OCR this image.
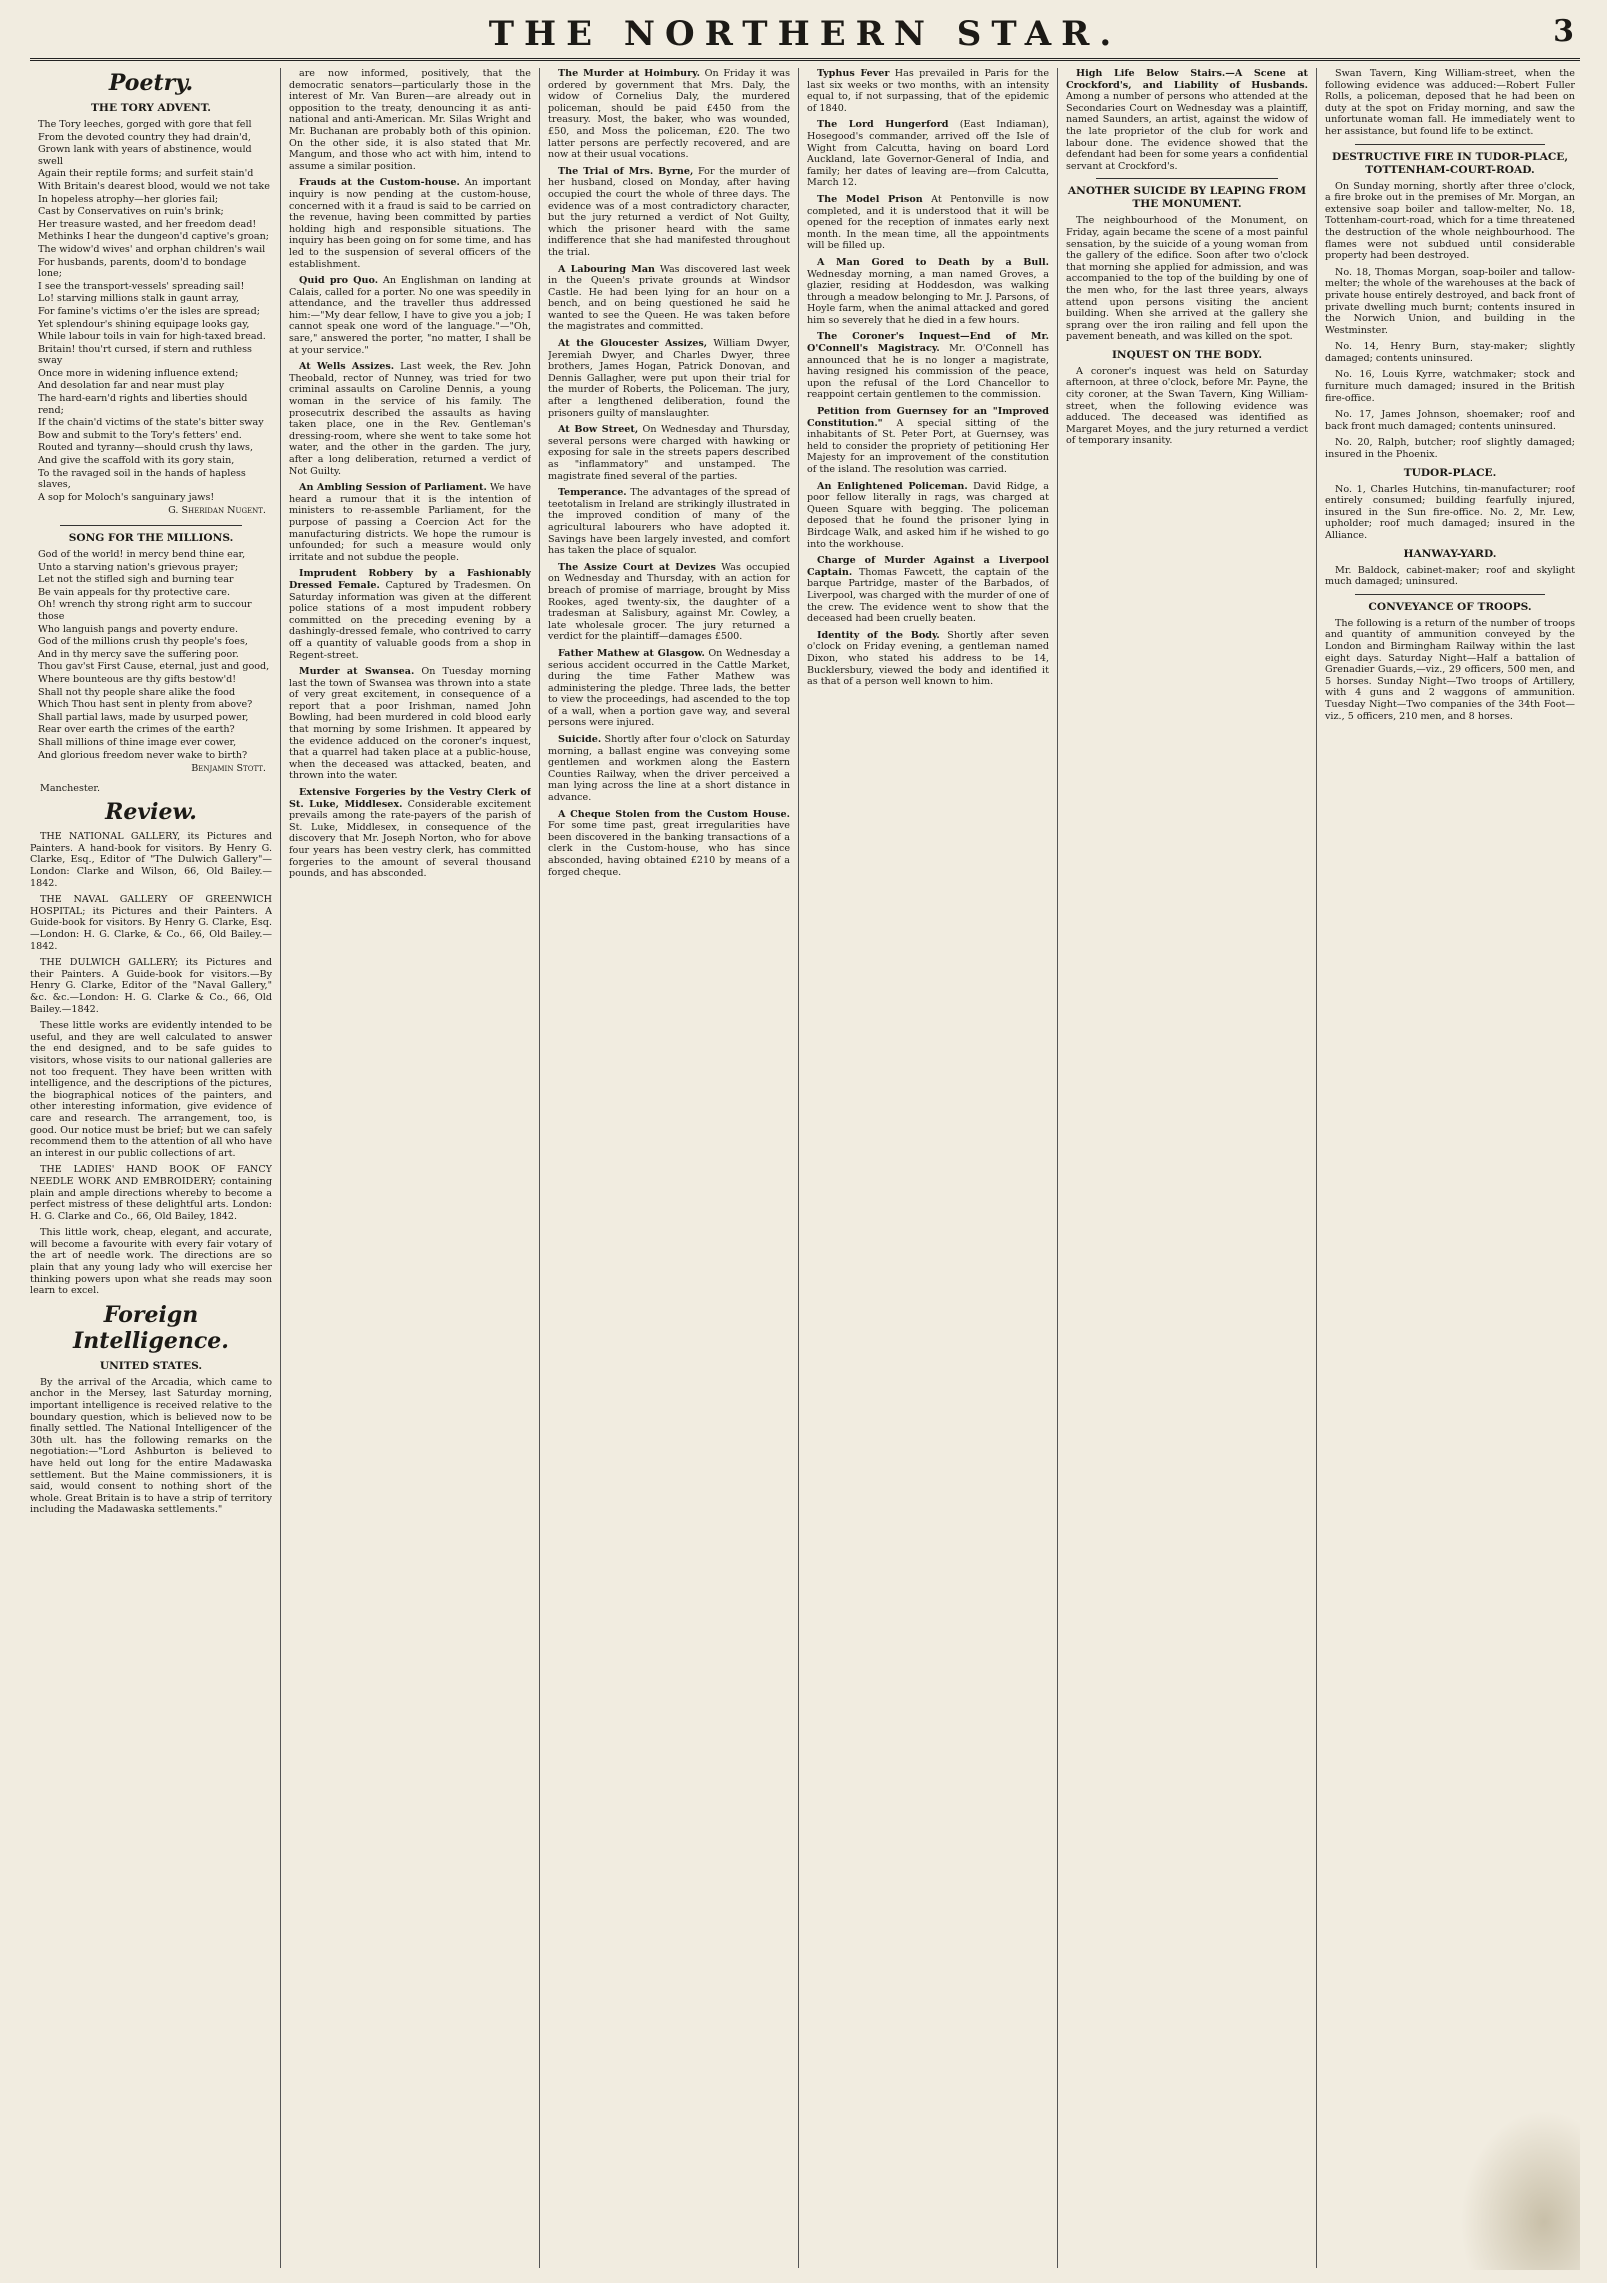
THE NORTHERN STAR.	3
Poetry.
THE TORY ADVENT.

The Tory leeches, gorged with gore that fell

From the devoted country they had drain'd,

Grown lank with years of abstinence, would swell

Again their reptile forms; and surfeit stain'd

With Britain's dearest blood, would we not take

In hopeless atrophy—her glories fail;

Cast by Conservatives on ruin's brink;

Her treasure wasted, and her freedom dead!

Methinks I hear the dungeon'd captive's groan;

The widow'd wives' and orphan children's wail

For husbands, parents, doom'd to bondage lone;

I see the transport-vessels' spreading sail!

Lo! starving millions stalk in gaunt array,

For famine's victims o'er the isles are spread;

Yet splendour's shining equipage looks gay,

While labour toils in vain for high-taxed bread.

Britain! thou'rt cursed, if stern and ruthless sway

Once more in widening influence extend;

And desolation far and near must play

The hard-earn'd rights and liberties should rend;

If the chain'd victims of the state's bitter sway

Bow and submit to the Tory's fetters' end.

Routed and tyranny—should crush thy laws,

And give the scaffold with its gory stain,

To the ravaged soil in the hands of hapless slaves,

A sop for Moloch's sanguinary jaws!

G. Sheridan Nugent.
SONG FOR THE MILLIONS.

God of the world! in mercy bend thine ear,

Unto a starving nation's grievous prayer;

Let not the stifled sigh and burning tear

Be vain appeals for thy protective care.

Oh! wrench thy strong right arm to succour those

Who languish pangs and poverty endure.

God of the millions crush thy people's foes,

And in thy mercy save the suffering poor.

Thou gav'st First Cause, eternal, just and good,

Where bounteous are thy gifts bestow'd!

Shall not thy people share alike the food

Which Thou hast sent in plenty from above?

Shall partial laws, made by usurped power,

Rear over earth the crimes of the earth?

Shall millions of thine image ever cower,

And glorious freedom never wake to birth?

Benjamin Stott.

Manchester.

Review.

THE NATIONAL GALLERY, its Pictures and Painters. A hand-book for visitors. By Henry G. Clarke, Esq., Editor of "The Dulwich Gallery"—London: Clarke and Wilson, 66, Old Bailey.—1842.

THE NAVAL GALLERY OF GREENWICH HOSPITAL; its Pictures and their Painters. A Guide-book for visitors. By Henry G. Clarke, Esq.—London: H. G. Clarke, & Co., 66, Old Bailey.—1842.

THE DULWICH GALLERY; its Pictures and their Painters. A Guide-book for visitors.—By Henry G. Clarke, Editor of the "Naval Gallery," &c. &c.—London: H. G. Clarke & Co., 66, Old Bailey.—1842.

These little works are evidently intended to be useful, and they are well calculated to answer the end designed, and to be safe guides to visitors, whose visits to our national galleries are not too frequent. They have been written with intelligence, and the descriptions of the pictures, the biographical notices of the painters, and other interesting information, give evidence of care and research. The arrangement, too, is good. Our notice must be brief; but we can safely recommend them to the attention of all who have an interest in our public collections of art.

THE LADIES' HAND BOOK OF FANCY NEEDLE WORK AND EMBROIDERY; containing plain and ample directions whereby to become a perfect mistress of these delightful arts. London: H. G. Clarke and Co., 66, Old Bailey, 1842.

This little work, cheap, elegant, and accurate, will become a favourite with every fair votary of the art of needle work. The directions are so plain that any young lady who will exercise her thinking powers upon what she reads may soon learn to excel.

Foreign Intelligence.
UNITED STATES.

By the arrival of the Arcadia, which came to anchor in the Mersey, last Saturday morning, important intelligence is received relative to the boundary question, which is believed now to be finally settled. The National Intelligencer of the 30th ult. has the following remarks on the negotiation:—"Lord Ashburton is believed to have held out long for the entire Madawaska settlement. But the Maine commissioners, it is said, would consent to nothing short of the whole. Great Britain is to have a strip of territory including the Madawaska settlements."

are now informed, positively, that the democratic senators—particularly those in the interest of Mr. Van Buren—are already out in opposition to the treaty, denouncing it as anti-national and anti-American. Mr. Silas Wright and Mr. Buchanan are probably both of this opinion. On the other side, it is also stated that Mr. Mangum, and those who act with him, intend to assume a similar position.

Frauds at the Custom-house. An important inquiry is now pending at the custom-house, concerned with it a fraud is said to be carried on the revenue, having been committed by parties holding high and responsible situations. The inquiry has been going on for some time, and has led to the suspension of several officers of the establishment.

Quid pro Quo. An Englishman on landing at Calais, called for a porter. No one was speedily in attendance, and the traveller thus addressed him:—"My dear fellow, I have to give you a job; I cannot speak one word of the language."—"Oh, sare," answered the porter, "no matter, I shall be at your service."

At Wells Assizes. Last week, the Rev. John Theobald, rector of Nunney, was tried for two criminal assaults on Caroline Dennis, a young woman in the service of his family. The prosecutrix described the assaults as having taken place, one in the Rev. Gentleman's dressing-room, where she went to take some hot water, and the other in the garden. The jury, after a long deliberation, returned a verdict of Not Guilty.

An Ambling Session of Parliament. We have heard a rumour that it is the intention of ministers to re-assemble Parliament, for the purpose of passing a Coercion Act for the manufacturing districts. We hope the rumour is unfounded; for such a measure would only irritate and not subdue the people.

Imprudent Robbery by a Fashionably Dressed Female. Captured by Tradesmen. On Saturday information was given at the different police stations of a most impudent robbery committed on the preceding evening by a dashingly-dressed female, who contrived to carry off a quantity of valuable goods from a shop in Regent-street.

Murder at Swansea. On Tuesday morning last the town of Swansea was thrown into a state of very great excitement, in consequence of a report that a poor Irishman, named John Bowling, had been murdered in cold blood early that morning by some Irishmen. It appeared by the evidence adduced on the coroner's inquest, that a quarrel had taken place at a public-house, when the deceased was attacked, beaten, and thrown into the water.

Extensive Forgeries by the Vestry Clerk of St. Luke, Middlesex. Considerable excitement prevails among the rate-payers of the parish of St. Luke, Middlesex, in consequence of the discovery that Mr. Joseph Norton, who for above four years has been vestry clerk, has committed forgeries to the amount of several thousand pounds, and has absconded.

The Murder at Hoimbury. On Friday it was ordered by government that Mrs. Daly, the widow of Cornelius Daly, the murdered policeman, should be paid £450 from the treasury. Most, the baker, who was wounded, £50, and Moss the policeman, £20. The two latter persons are perfectly recovered, and are now at their usual vocations.

The Trial of Mrs. Byrne, For the murder of her husband, closed on Monday, after having occupied the court the whole of three days. The evidence was of a most contradictory character, but the jury returned a verdict of Not Guilty, which the prisoner heard with the same indifference that she had manifested throughout the trial.

A Labouring Man Was discovered last week in the Queen's private grounds at Windsor Castle. He had been lying for an hour on a bench, and on being questioned he said he wanted to see the Queen. He was taken before the magistrates and committed.

At the Gloucester Assizes, William Dwyer, Jeremiah Dwyer, and Charles Dwyer, three brothers, James Hogan, Patrick Donovan, and Dennis Gallagher, were put upon their trial for the murder of Roberts, the Policeman. The jury, after a lengthened deliberation, found the prisoners guilty of manslaughter.

At Bow Street, On Wednesday and Thursday, several persons were charged with hawking or exposing for sale in the streets papers described as "inflammatory" and unstamped. The magistrate fined several of the parties.

Temperance. The advantages of the spread of teetotalism in Ireland are strikingly illustrated in the improved condition of many of the agricultural labourers who have adopted it. Savings have been largely invested, and comfort has taken the place of squalor.

The Assize Court at Devizes Was occupied on Wednesday and Thursday, with an action for breach of promise of marriage, brought by Miss Rookes, aged twenty-six, the daughter of a tradesman at Salisbury, against Mr. Cowley, a late wholesale grocer. The jury returned a verdict for the plaintiff—damages £500.

Father Mathew at Glasgow. On Wednesday a serious accident occurred in the Cattle Market, during the time Father Mathew was administering the pledge. Three lads, the better to view the proceedings, had ascended to the top of a wall, when a portion gave way, and several persons were injured.

Suicide. Shortly after four o'clock on Saturday morning, a ballast engine was conveying some gentlemen and workmen along the Eastern Counties Railway, when the driver perceived a man lying across the line at a short distance in advance.

A Cheque Stolen from the Custom House. For some time past, great irregularities have been discovered in the banking transactions of a clerk in the Custom-house, who has since absconded, having obtained £210 by means of a forged cheque.

Typhus Fever Has prevailed in Paris for the last six weeks or two months, with an intensity equal to, if not surpassing, that of the epidemic of 1840.

The Lord Hungerford (East Indiaman), Hosegood's commander, arrived off the Isle of Wight from Calcutta, having on board Lord Auckland, late Governor-General of India, and family; her dates of leaving are—from Calcutta, March 12.

The Model Prison At Pentonville is now completed, and it is understood that it will be opened for the reception of inmates early next month. In the mean time, all the appointments will be filled up.

A Man Gored to Death by a Bull. Wednesday morning, a man named Groves, a glazier, residing at Hoddesdon, was walking through a meadow belonging to Mr. J. Parsons, of Hoyle farm, when the animal attacked and gored him so severely that he died in a few hours.

The Coroner's Inquest—End of Mr. O'Connell's Magistracy. Mr. O'Connell has announced that he is no longer a magistrate, having resigned his commission of the peace, upon the refusal of the Lord Chancellor to reappoint certain gentlemen to the commission.

Petition from Guernsey for an "Improved Constitution." A special sitting of the inhabitants of St. Peter Port, at Guernsey, was held to consider the propriety of petitioning Her Majesty for an improvement of the constitution of the island. The resolution was carried.

An Enlightened Policeman. David Ridge, a poor fellow literally in rags, was charged at Queen Square with begging. The policeman deposed that he found the prisoner lying in Birdcage Walk, and asked him if he wished to go into the workhouse.

Charge of Murder Against a Liverpool Captain. Thomas Fawcett, the captain of the barque Partridge, master of the Barbados, of Liverpool, was charged with the murder of one of the crew. The evidence went to show that the deceased had been cruelly beaten.

Identity of the Body. Shortly after seven o'clock on Friday evening, a gentleman named Dixon, who stated his address to be 14, Bucklersbury, viewed the body and identified it as that of a person well known to him.

High Life Below Stairs.—A Scene at Crockford's, and Liability of Husbands. Among a number of persons who attended at the Secondaries Court on Wednesday was a plaintiff, named Saunders, an artist, against the widow of the late proprietor of the club for work and labour done. The evidence showed that the defendant had been for some years a confidential servant at Crockford's.

ANOTHER SUICIDE BY LEAPING FROM THE MONUMENT.

The neighbourhood of the Monument, on Friday, again became the scene of a most painful sensation, by the suicide of a young woman from the gallery of the edifice. Soon after two o'clock that morning she applied for admission, and was accompanied to the top of the building by one of the men who, for the last three years, always attend upon persons visiting the ancient building. When she arrived at the gallery she sprang over the iron railing and fell upon the pavement beneath, and was killed on the spot.

INQUEST ON THE BODY.

A coroner's inquest was held on Saturday afternoon, at three o'clock, before Mr. Payne, the city coroner, at the Swan Tavern, King William-street, when the following evidence was adduced. The deceased was identified as Margaret Moyes, and the jury returned a verdict of temporary insanity.

Swan Tavern, King William-street, when the following evidence was adduced:—Robert Fuller Rolls, a policeman, deposed that he had been on duty at the spot on Friday morning, and saw the unfortunate woman fall. He immediately went to her assistance, but found life to be extinct.

DESTRUCTIVE FIRE IN TUDOR-PLACE, TOTTENHAM-COURT-ROAD.

On Sunday morning, shortly after three o'clock, a fire broke out in the premises of Mr. Morgan, an extensive soap boiler and tallow-melter, No. 18, Tottenham-court-road, which for a time threatened the destruction of the whole neighbourhood. The flames were not subdued until considerable property had been destroyed.

No. 18, Thomas Morgan, soap-boiler and tallow-melter; the whole of the warehouses at the back of private house entirely destroyed, and back front of private dwelling much burnt; contents insured in the Norwich Union, and building in the Westminster.

No. 14, Henry Burn, stay-maker; slightly damaged; contents uninsured.

No. 16, Louis Kyrre, watchmaker; stock and furniture much damaged; insured in the British fire-office.

No. 17, James Johnson, shoemaker; roof and back front much damaged; contents uninsured.

No. 20, Ralph, butcher; roof slightly damaged; insured in the Phoenix.

TUDOR-PLACE.

No. 1, Charles Hutchins, tin-manufacturer; roof entirely consumed; building fearfully injured, insured in the Sun fire-office. No. 2, Mr. Lew, upholder; roof much damaged; insured in the Alliance.

HANWAY-YARD.

Mr. Baldock, cabinet-maker; roof and skylight much damaged; uninsured.

CONVEYANCE OF TROOPS.

The following is a return of the number of troops and quantity of ammunition conveyed by the London and Birmingham Railway within the last eight days. Saturday Night—Half a battalion of Grenadier Guards,—viz., 29 officers, 500 men, and 5 horses. Sunday Night—Two troops of Artillery, with 4 guns and 2 waggons of ammunition. Tuesday Night—Two companies of the 34th Foot—viz., 5 officers, 210 men, and 8 horses.
